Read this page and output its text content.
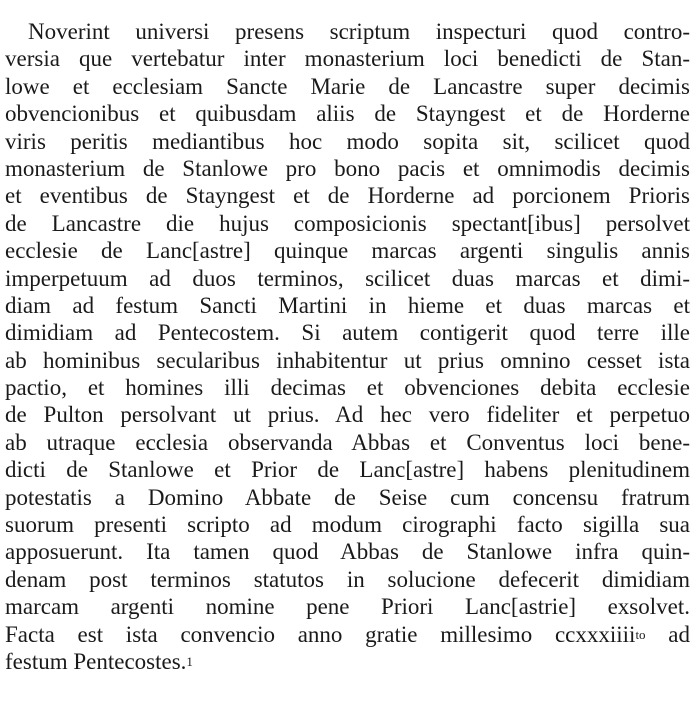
Noverint universi presens scriptum inspecturi quod contro-
versia que vertebatur inter monasterium loci benedicti de Stan-
lowe et ecclesiam Sancte Marie de Lancastre super decimis
obvencionibus et quibusdam aliis de Stayngest et de Horderne
viris peritis mediantibus hoc modo sopita sit, scilicet quod
monasterium de Stanlowe pro bono pacis et omnimodis decimis
et eventibus de Stayngest et de Horderne ad porcionem Prioris
de Lancastre die hujus composicionis spectant[ibus] persolvet
ecclesie de Lanc[astre] quinque marcas argenti singulis annis
imperpetuum ad duos terminos, scilicet duas marcas et dimi-
diam ad festum Sancti Martini in hieme et duas marcas et
dimidiam ad Pentecostem. Si autem contigerit quod terre ille
ab hominibus secularibus inhabitentur ut prius omnino cesset ista
pactio, et homines illi decimas et obvenciones debita ecclesie
de Pulton persolvant ut prius. Ad hec vero fideliter et perpetuo
ab utraque ecclesia observanda Abbas et Conventus loci bene-
dicti de Stanlowe et Prior de Lanc[astre] habens plenitudinem
potestatis a Domino Abbate de Seise cum concensu fratrum
suorum presenti scripto ad modum cirographi facto sigilla sua
apposuerunt. Ita tamen quod Abbas de Stanlowe infra quin-
denam post terminos statutos in solucione defecerit dimidiam
marcam argenti nomine pene Priori Lanc[astrie] exsolvet.
Facta est ista convencio anno gratie millesimo ccxxxiiii$^{to}$ ad
festum Pentecostes.$^1$
